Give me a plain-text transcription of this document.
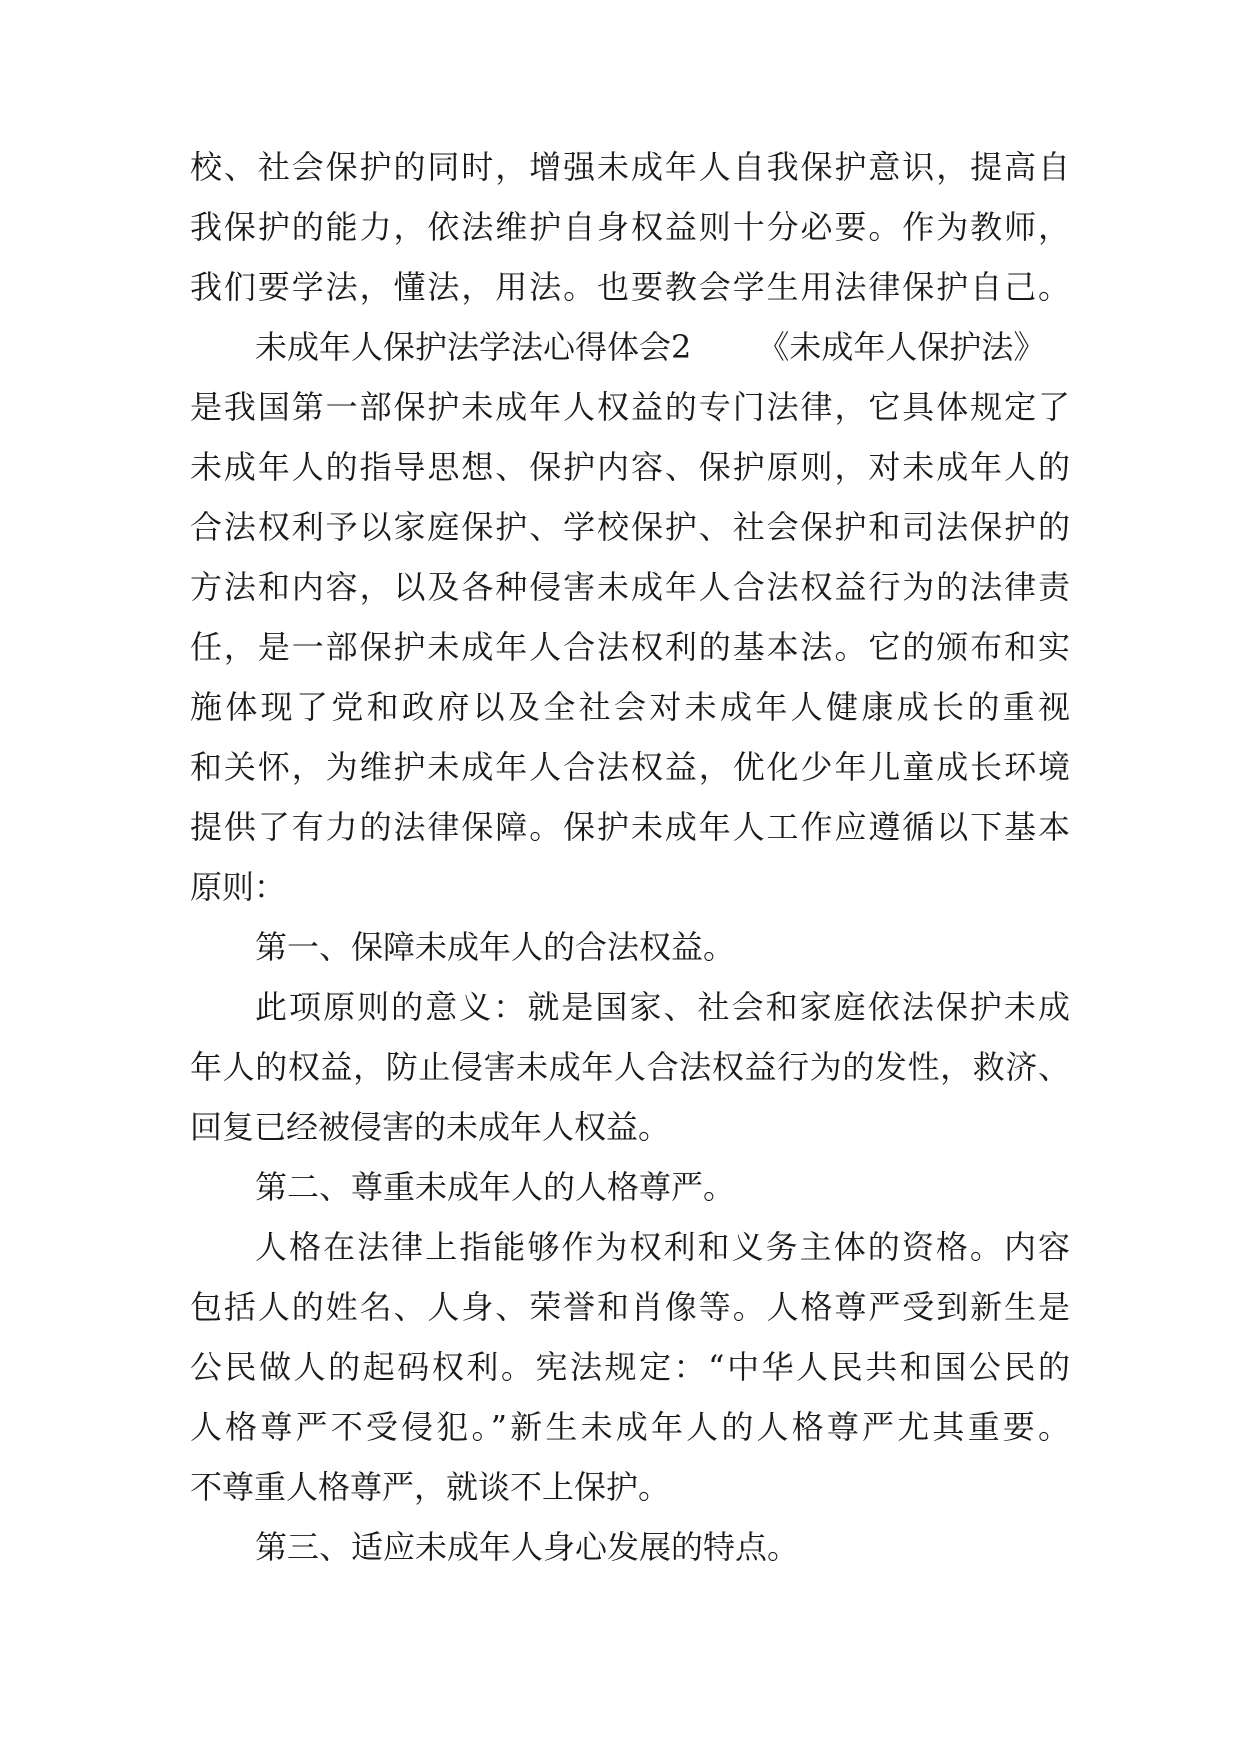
校、社会保护的同时，增强未成年人自我保护意识，提高自
我保护的能力，依法维护自身权益则十分必要。作为教师，
我们要学法，懂法，用法。也要教会学生用法律保护自己。
未成年人保护法学法心得体会2 《未成年人保护法》
是我国第一部保护未成年人权益的专门法律，它具体规定了
未成年人的指导思想、保护内容、保护原则，对未成年人的
合法权利予以家庭保护、学校保护、社会保护和司法保护的
方法和内容，以及各种侵害未成年人合法权益行为的法律责
任，是一部保护未成年人合法权利的基本法。它的颁布和实
施体现了党和政府以及全社会对未成年人健康成长的重视
和关怀，为维护未成年人合法权益，优化少年儿童成长环境
提供了有力的法律保障。保护未成年人工作应遵循以下基本
原则：
第一、保障未成年人的合法权益。
此项原则的意义：就是国家、社会和家庭依法保护未成
年人的权益，防止侵害未成年人合法权益行为的发性，救济、
回复已经被侵害的未成年人权益。
第二、尊重未成年人的人格尊严。
人格在法律上指能够作为权利和义务主体的资格。内容
包括人的姓名、人身、荣誉和肖像等。人格尊严受到新生是
公民做人的起码权利。宪法规定：“中华人民共和国公民的
人格尊严不受侵犯。”新生未成年人的人格尊严尤其重要。
不尊重人格尊严，就谈不上保护。
第三、适应未成年人身心发展的特点。
